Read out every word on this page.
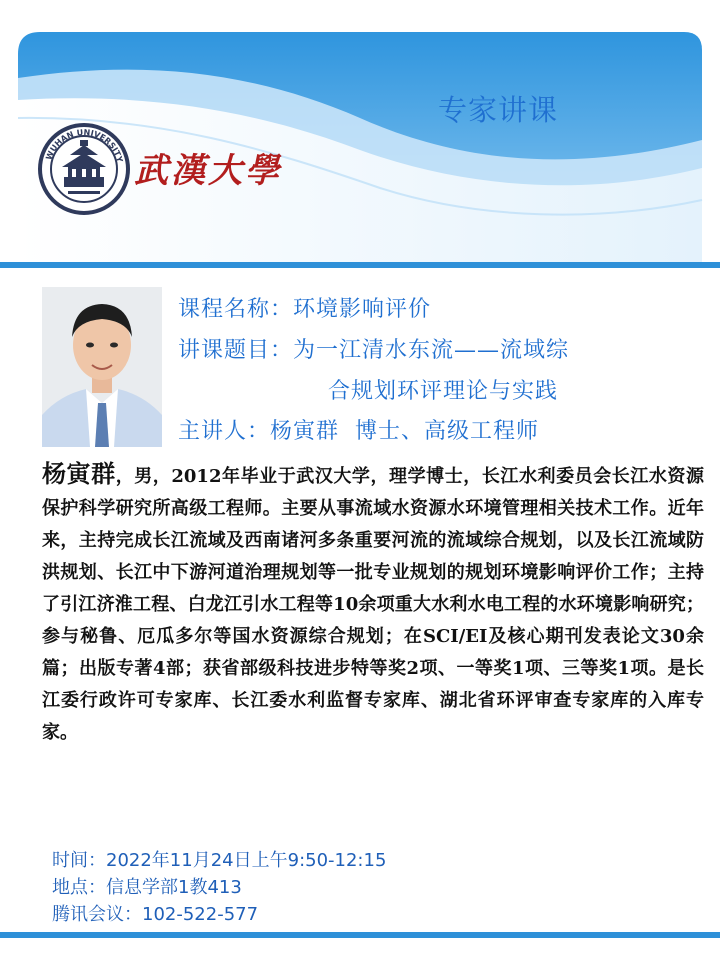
专家讲课
WUHAN UNIVERSITY 武漢大學
课程名称：环境影响评价
讲课题目：为一江清水东流——流域综
合规划环评理论与实践
主讲人：杨寅群  博士、高级工程师
杨寅群，男，2012年毕业于武汉大学，理学博士，长江水利委员会长江水资源保护科学研究所高级工程师。主要从事流域水资源水环境管理相关技术工作。近年来，主持完成长江流域及西南诸河多条重要河流的流域综合规划，以及长江流域防洪规划、长江中下游河道治理规划等一批专业规划的规划环境影响评价工作；主持了引江济淮工程、白龙江引水工程等10余项重大水利水电工程的水环境影响研究；参与秘鲁、厄瓜多尔等国水资源综合规划；在SCI/EI及核心期刊发表论文30余篇；出版专著4部；获省部级科技进步特等奖2项、一等奖1项、三等奖1项。是长江委行政许可专家库、长江委水利监督专家库、湖北省环评审查专家库的入库专家。
时间：2022年11月24日上午9:50-12:15
地点：信息学部1教413
腾讯会议：102-522-577
